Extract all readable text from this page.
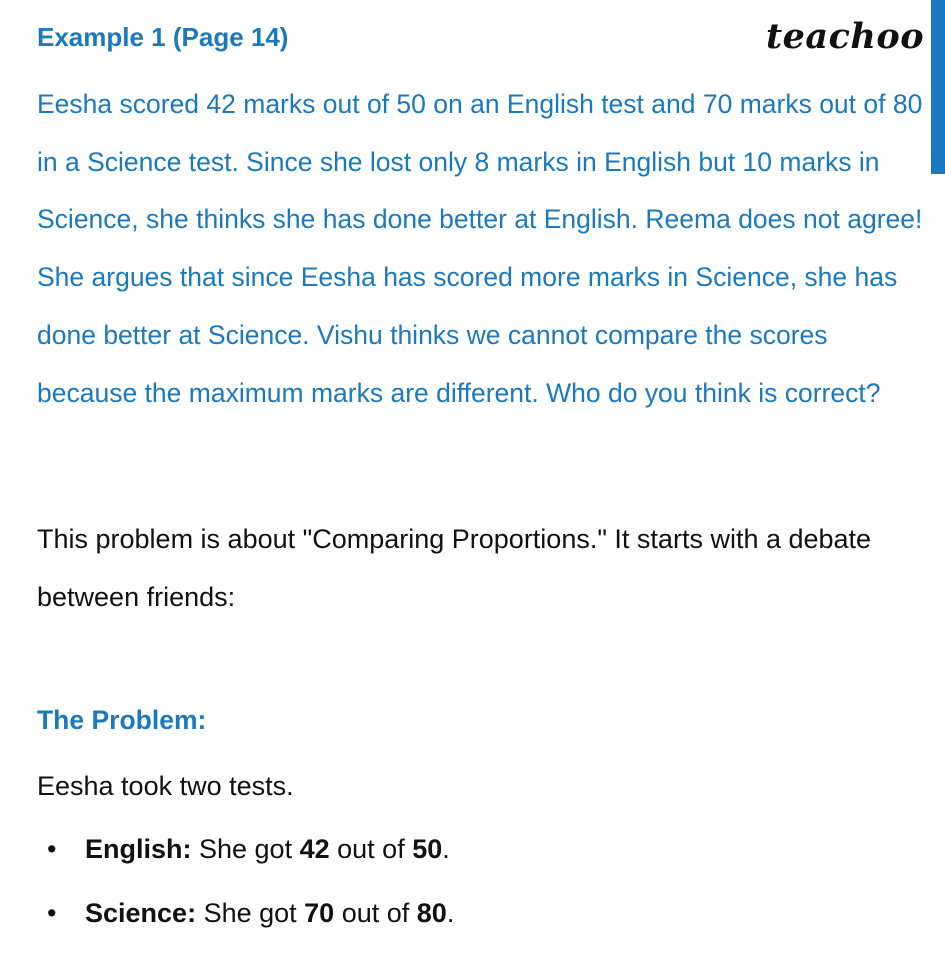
Example 1 (Page 14)	teachoo

Eesha scored 42 marks out of 50 on an English test and 70 marks out of 80 in a Science test. Since she lost only 8 marks in English but 10 marks in Science, she thinks she has done better at English. Reema does not agree! She argues that since Eesha has scored more marks in Science, she has done better at Science. Vishu thinks we cannot compare the scores because the maximum marks are different. Who do you think is correct?

This problem is about "Comparing Proportions." It starts with a debate between friends:

The Problem:
Eesha took two tests.
• English: She got 42 out of 50.
• Science: She got 70 out of 80.
